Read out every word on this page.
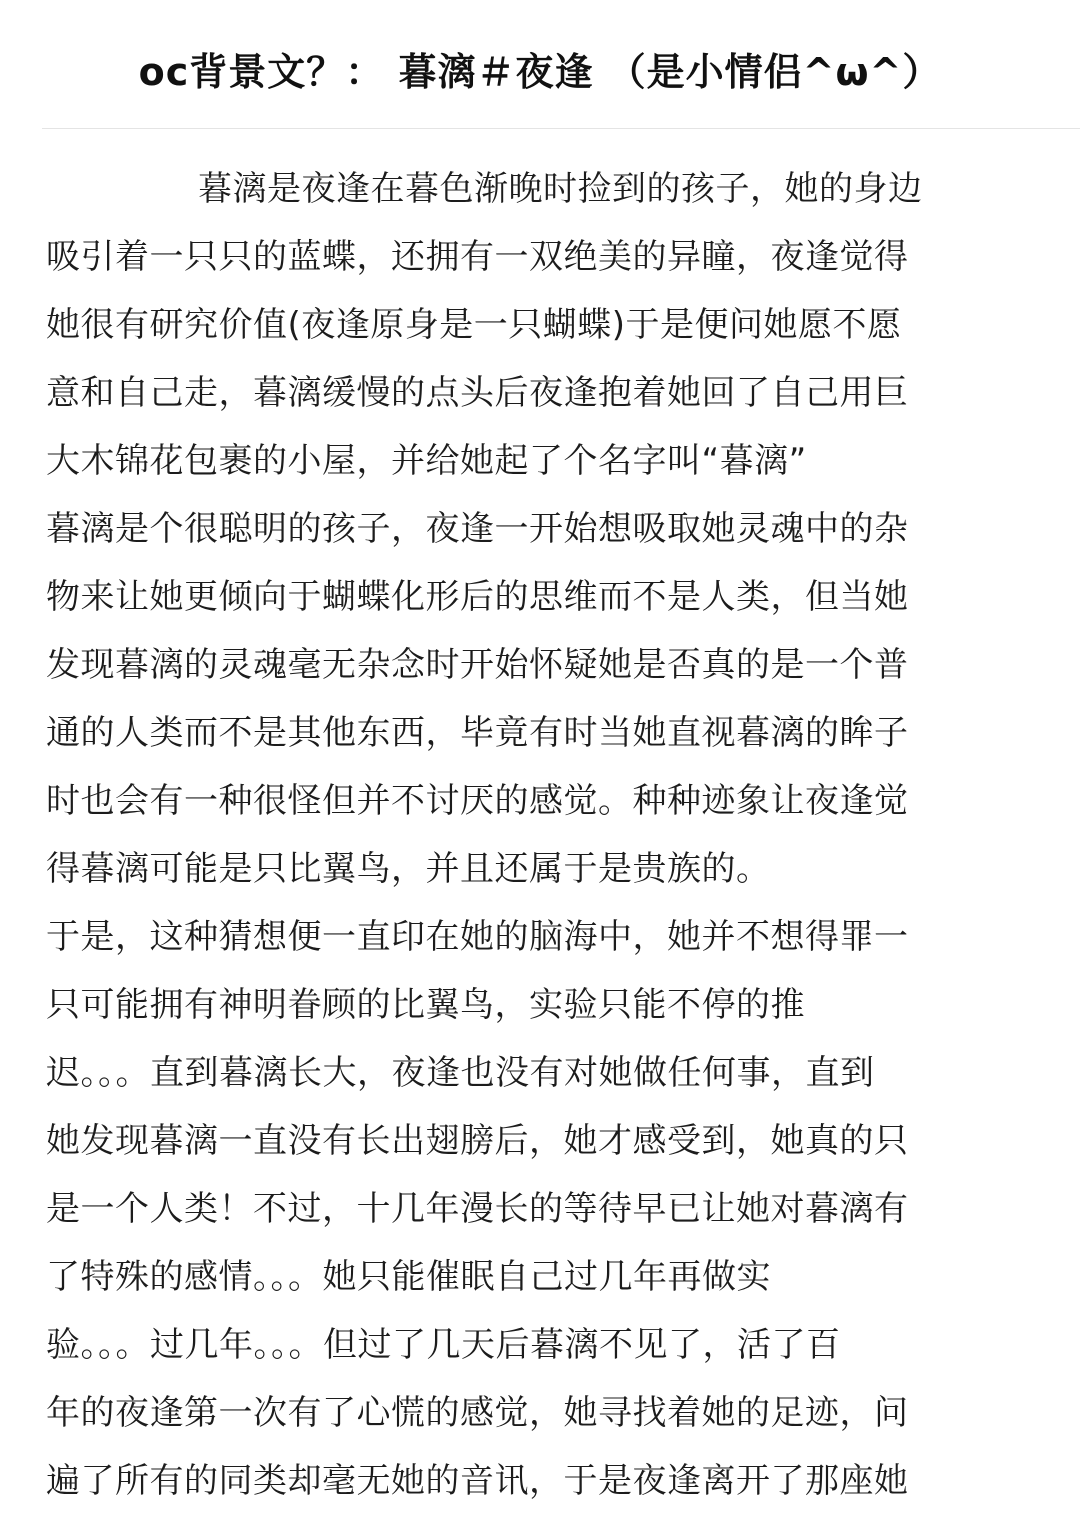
oc背景文？： 暮漓＃夜逢 （是小情侣^ω^）
暮漓是夜逢在暮色渐晚时捡到的孩子，她的身边
吸引着一只只的蓝蝶，还拥有一双绝美的异瞳，夜逢觉得
她很有研究价值(夜逢原身是一只蝴蝶)于是便问她愿不愿
意和自己走，暮漓缓慢的点头后夜逢抱着她回了自己用巨
大木锦花包裹的小屋，并给她起了个名字叫“暮漓”
暮漓是个很聪明的孩子，夜逢一开始想吸取她灵魂中的杂
物来让她更倾向于蝴蝶化形后的思维而不是人类，但当她
发现暮漓的灵魂毫无杂念时开始怀疑她是否真的是一个普
通的人类而不是其他东西，毕竟有时当她直视暮漓的眸子
时也会有一种很怪但并不讨厌的感觉。种种迹象让夜逢觉
得暮漓可能是只比翼鸟，并且还属于是贵族的。
于是，这种猜想便一直印在她的脑海中，她并不想得罪一
只可能拥有神明眷顾的比翼鸟，实验只能不停的推
迟。。。直到暮漓长大，夜逢也没有对她做任何事，直到
她发现暮漓一直没有长出翅膀后，她才感受到，她真的只
是一个人类！不过，十几年漫长的等待早已让她对暮漓有
了特殊的感情。。。她只能催眠自己过几年再做实
验。。。过几年。。。但过了几天后暮漓不见了，活了百
年的夜逢第一次有了心慌的感觉，她寻找着她的足迹，问
遍了所有的同类却毫无她的音讯，于是夜逢离开了那座她
